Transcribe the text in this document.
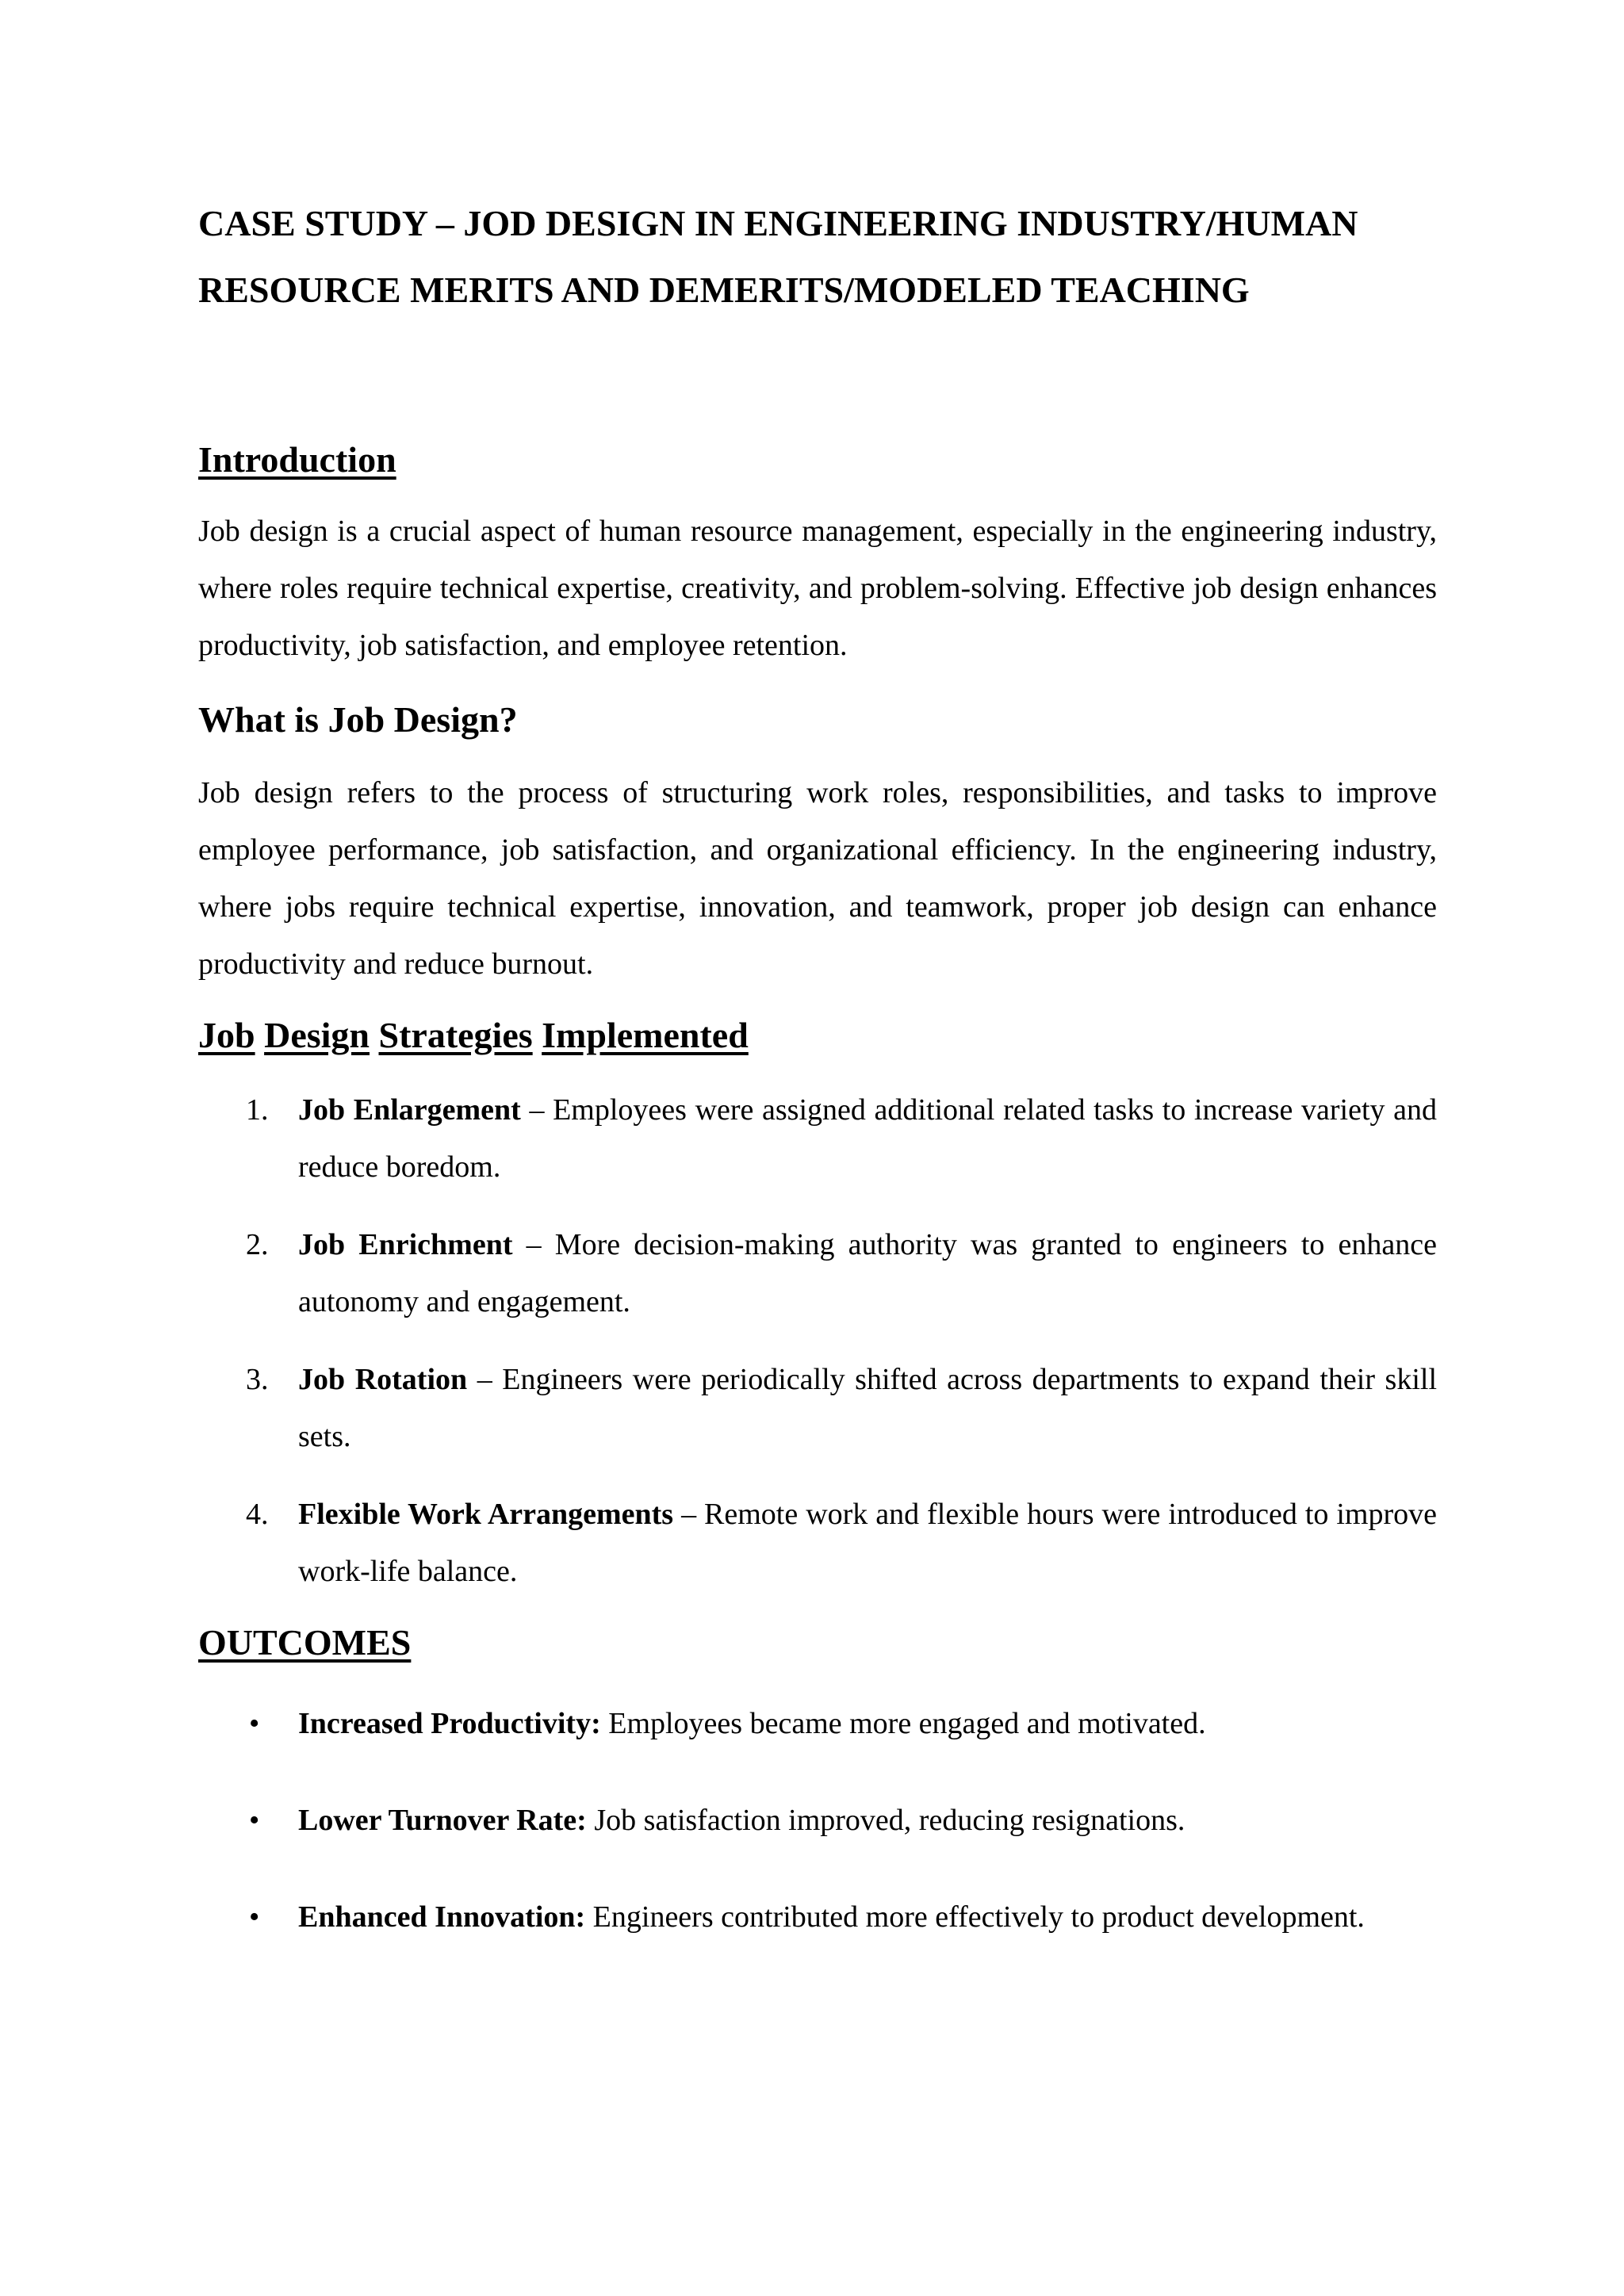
CASE STUDY – JOD DESIGN IN ENGINEERING INDUSTRY/HUMAN
RESOURCE MERITS AND DEMERITS/MODELED TEACHING
Introduction

Job design is a crucial aspect of human resource management, especially in the engineering industry, where roles require technical expertise, creativity, and problem-solving. Effective job design enhances productivity, job satisfaction, and employee retention.

What is Job Design?

Job design refers to the process of structuring work roles, responsibilities, and tasks to improve employee performance, job satisfaction, and organizational efficiency. In the engineering industry, where jobs require technical expertise, innovation, and teamwork, proper job design can enhance productivity and reduce burnout.

Job Design Strategies Implemented
1. Job Enlargement – Employees were assigned additional related tasks to increase variety and reduce boredom.
2. Job Enrichment – More decision-making authority was granted to engineers to enhance autonomy and engagement.
3. Job Rotation – Engineers were periodically shifted across departments to expand their skill sets.
4. Flexible Work Arrangements – Remote work and flexible hours were introduced to improve work-life balance.
OUTCOMES
• Increased Productivity: Employees became more engaged and motivated.
• Lower Turnover Rate: Job satisfaction improved, reducing resignations.
• Enhanced Innovation: Engineers contributed more effectively to product development.
